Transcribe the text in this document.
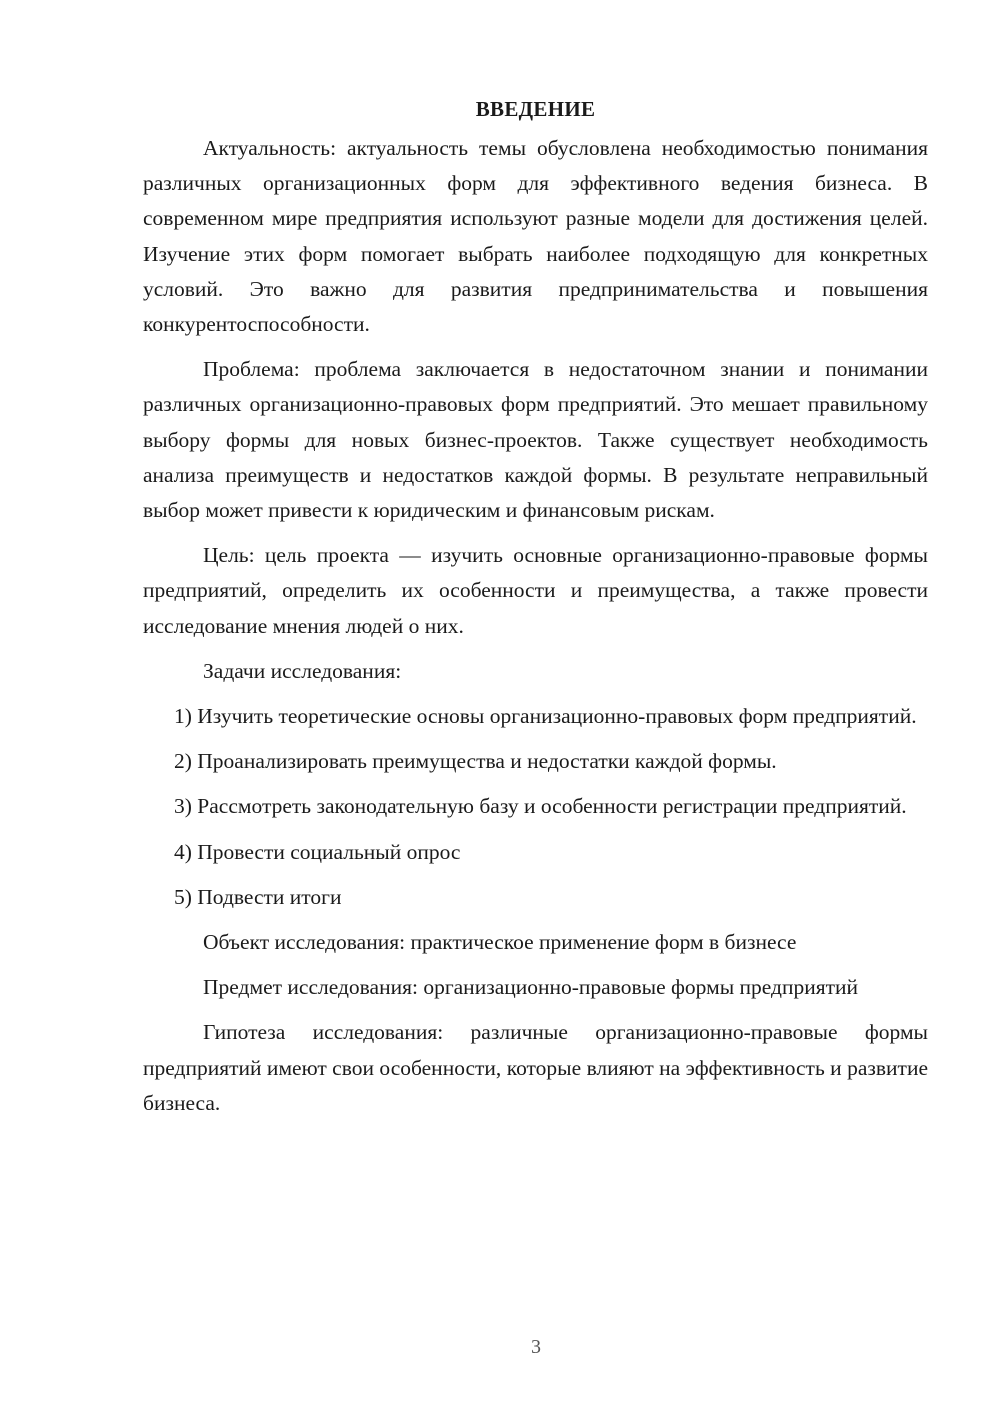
ВВЕДЕНИЕ

Актуальность: актуальность темы обусловлена необходимостью понимания различных организационных форм для эффективного ведения бизнеса. В современном мире предприятия используют разные модели для достижения целей. Изучение этих форм помогает выбрать наиболее подходящую для конкретных условий. Это важно для развития предпринимательства и повышения конкурентоспособности.

Проблема: проблема заключается в недостаточном знании и понимании различных организационно-правовых форм предприятий. Это мешает правильному выбору формы для новых бизнес-проектов. Также существует необходимость анализа преимуществ и недостатков каждой формы. В результате неправильный выбор может привести к юридическим и финансовым рискам.

Цель: цель проекта — изучить основные организационно-правовые формы предприятий, определить их особенности и преимущества, а также провести исследование мнения людей о них.

Задачи исследования:

1) Изучить теоретические основы организационно-правовых форм предприятий.

2) Проанализировать преимущества и недостатки каждой формы.

3) Рассмотреть законодательную базу и особенности регистрации предприятий.

4) Провести социальный опрос

5) Подвести итоги

Объект исследования: практическое применение форм в бизнесе

Предмет исследования: организационно-правовые формы предприятий

Гипотеза исследования: различные организационно-правовые формы предприятий имеют свои особенности, которые влияют на эффективность и развитие бизнеса.

3
